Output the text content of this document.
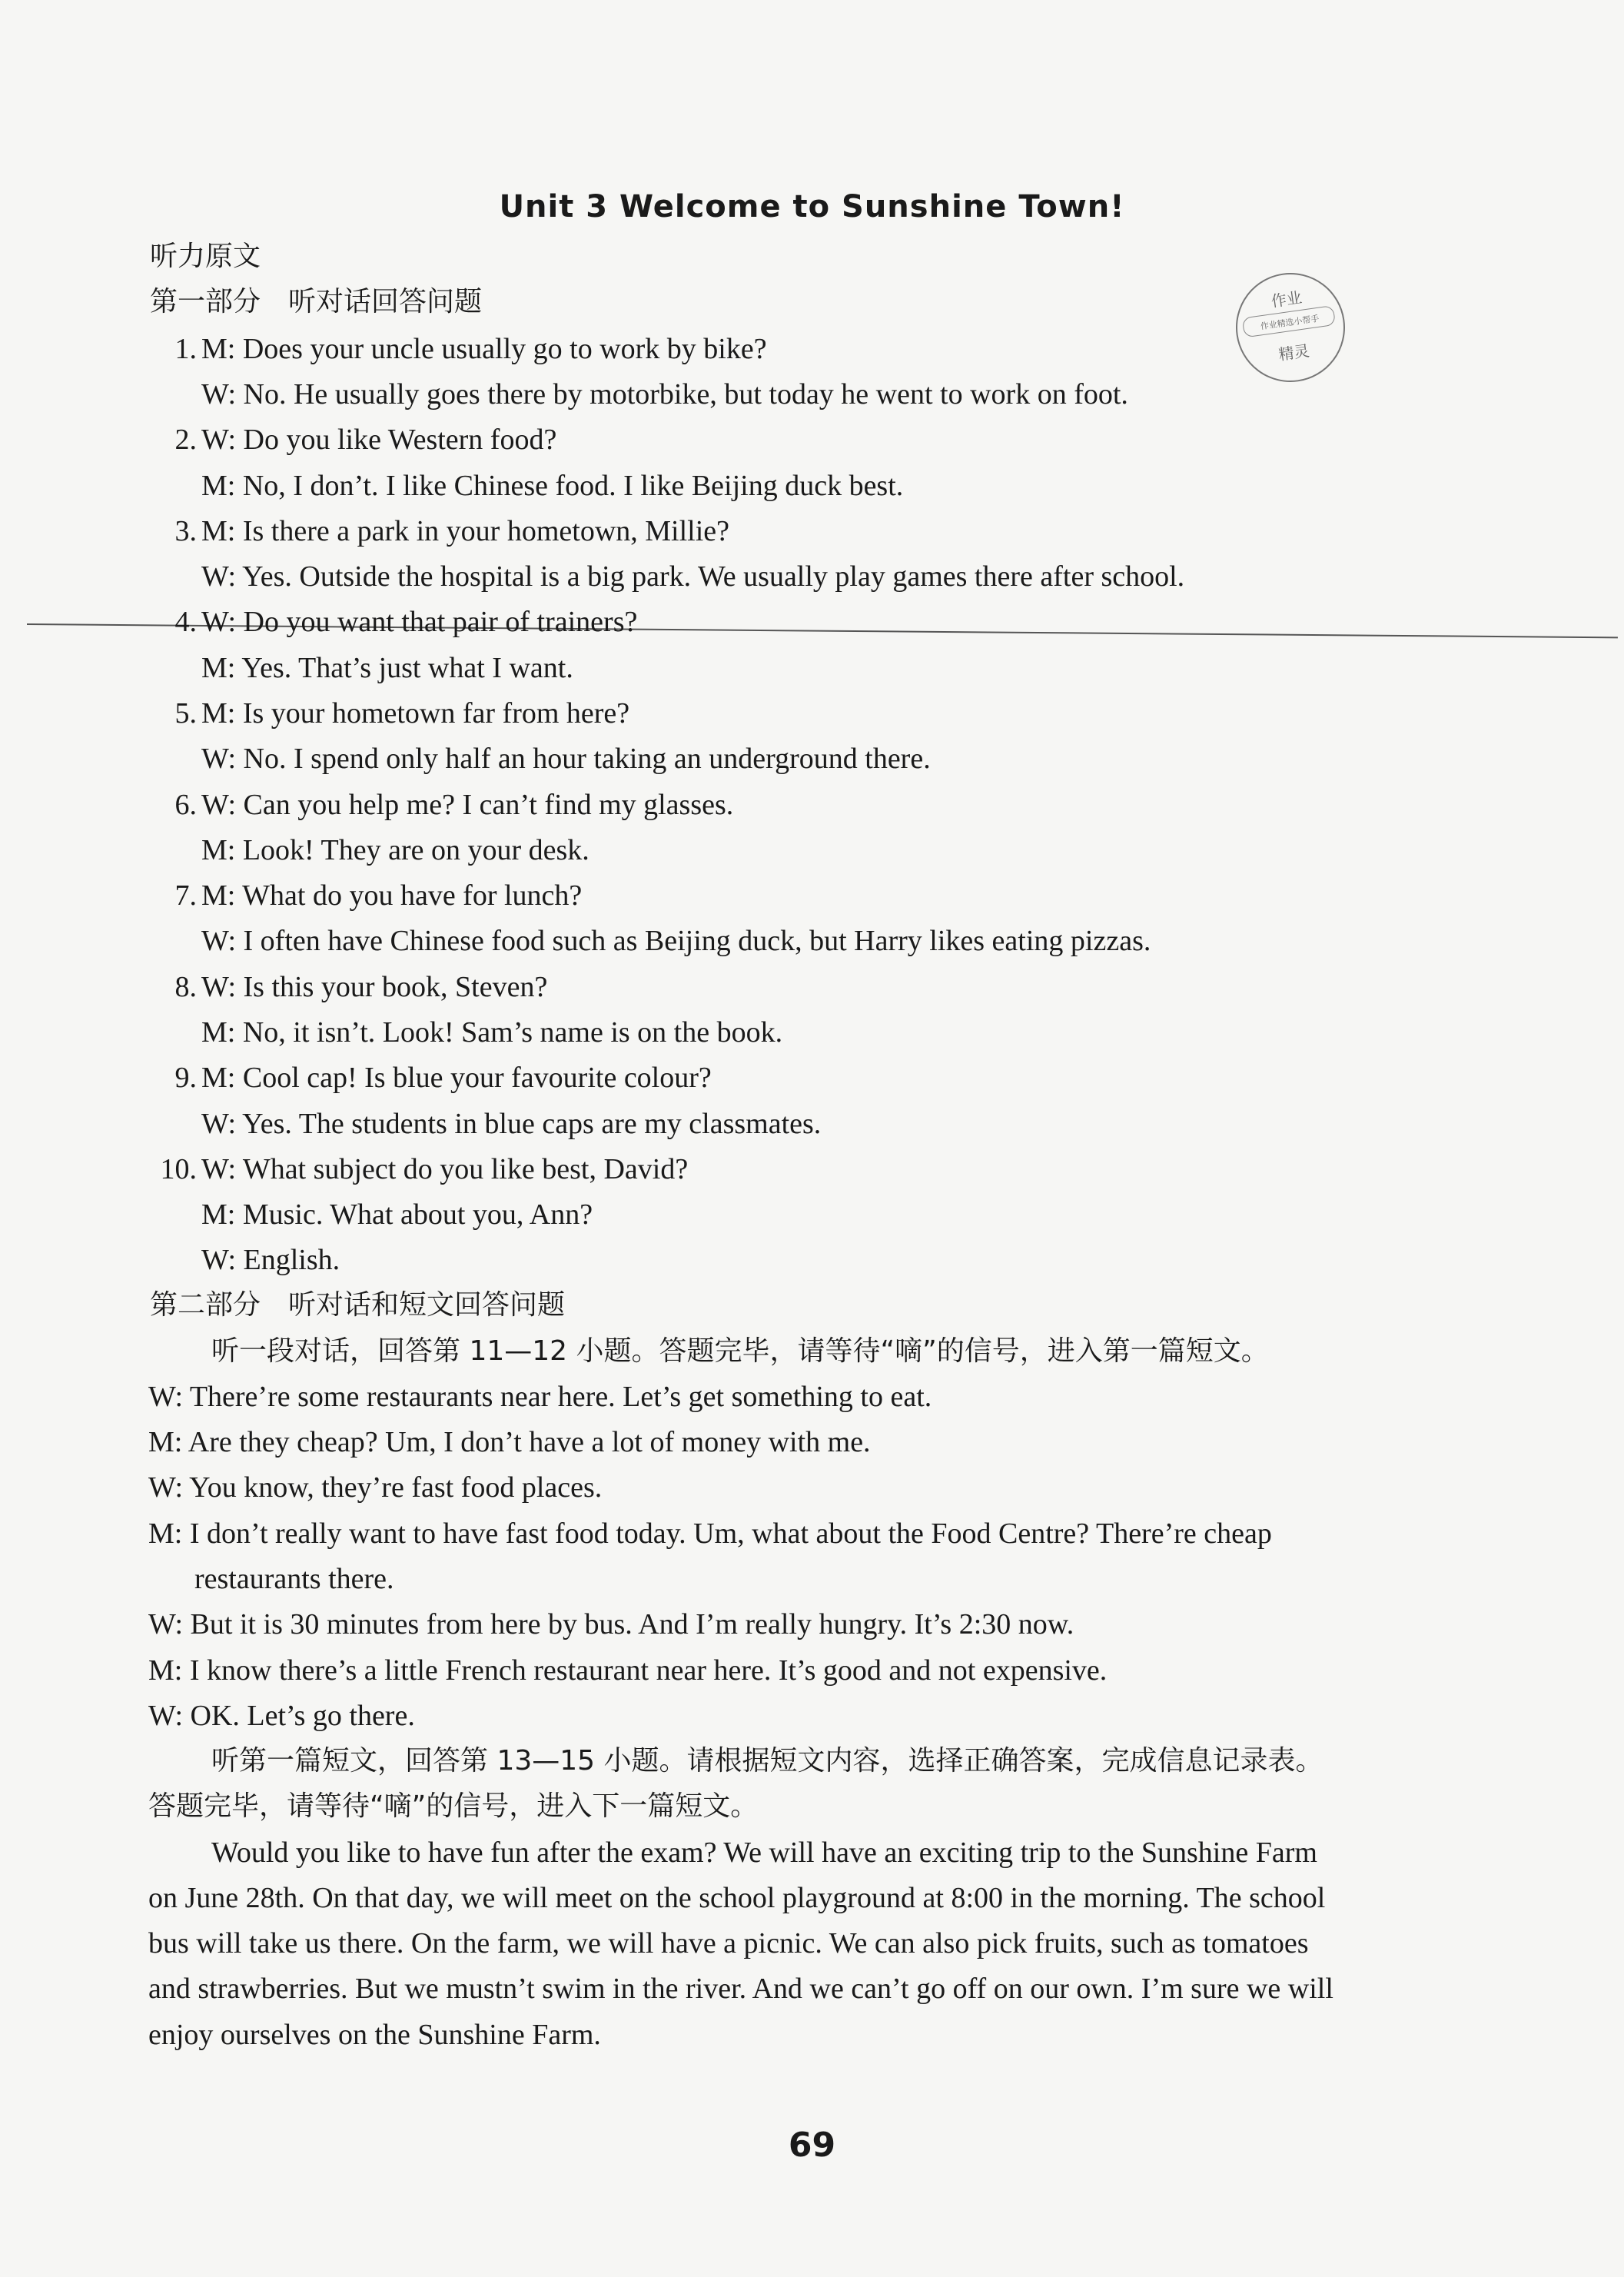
作业
作业精选小帮手
精灵
Unit 3 Welcome to Sunshine Town!
听力原文
第一部分　听对话回答问题
1. M: Does your uncle usually go to work by bike?
W: No. He usually goes there by motorbike, but today he went to work on foot.
2. W: Do you like Western food?
M: No, I don’t. I like Chinese food. I like Beijing duck best.
3. M: Is there a park in your hometown, Millie?
W: Yes. Outside the hospital is a big park. We usually play games there after school.
4. W: Do you want that pair of trainers?
M: Yes. That’s just what I want.
5. M: Is your hometown far from here?
W: No. I spend only half an hour taking an underground there.
6. W: Can you help me? I can’t find my glasses.
M: Look! They are on your desk.
7. M: What do you have for lunch?
W: I often have Chinese food such as Beijing duck, but Harry likes eating pizzas.
8. W: Is this your book, Steven?
M: No, it isn’t. Look! Sam’s name is on the book.
9. M: Cool cap! Is blue your favourite colour?
W: Yes. The students in blue caps are my classmates.
10. W: What subject do you like best, David?
M: Music. What about you, Ann?
W: English.
第二部分　听对话和短文回答问题
听一段对话，回答第 11—12 小题。答题完毕，请等待“嘀”的信号，进入第一篇短文。
W: There’re some restaurants near here. Let’s get something to eat.
M: Are they cheap? Um, I don’t have a lot of money with me.
W: You know, they’re fast food places.
M: I don’t really want to have fast food today. Um, what about the Food Centre? There’re cheap
restaurants there.
W: But it is 30 minutes from here by bus. And I’m really hungry. It’s 2:30 now.
M: I know there’s a little French restaurant near here. It’s good and not expensive.
W: OK. Let’s go there.
听第一篇短文，回答第 13—15 小题。请根据短文内容，选择正确答案，完成信息记录表。
答题完毕，请等待“嘀”的信号，进入下一篇短文。
Would you like to have fun after the exam? We will have an exciting trip to the Sunshine Farm
on June 28th. On that day, we will meet on the school playground at 8:00 in the morning. The school
bus will take us there. On the farm, we will have a picnic. We can also pick fruits, such as tomatoes
and strawberries. But we mustn’t swim in the river. And we can’t go off on our own. I’m sure we will
enjoy ourselves on the Sunshine Farm.
69
